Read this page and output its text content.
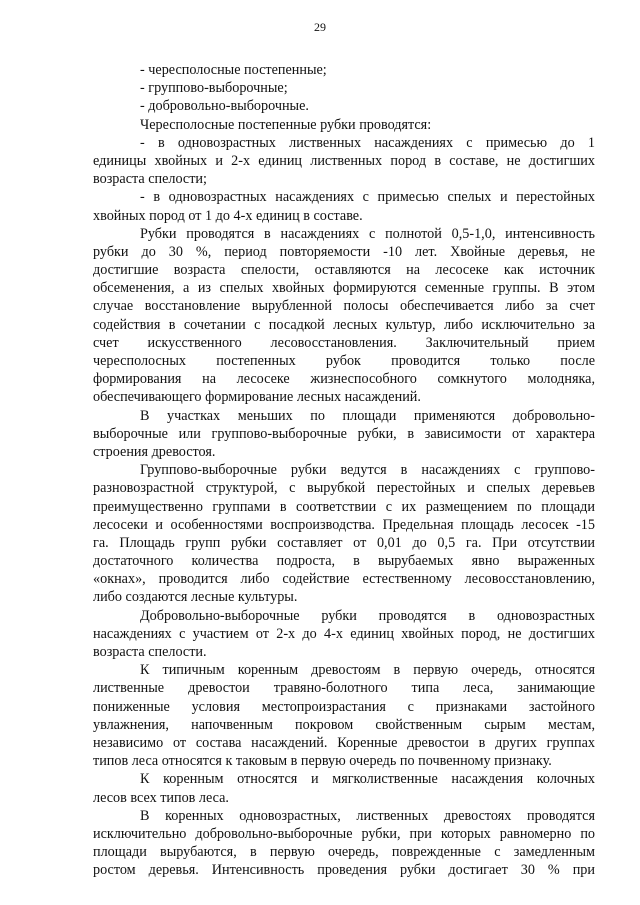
29
- чересполосные постепенные;
- группово-выборочные;
- добровольно-выборочные.
Чересполосные постепенные рубки проводятся:
- в одновозрастных лиственных насаждениях с примесью до 1
единицы хвойных и 2-х единиц лиственных пород в составе, не достигших
возраста спелости;
- в одновозрастных насаждениях с примесью спелых и перестойных
хвойных пород от 1 до 4-х единиц в составе.
Рубки проводятся в насаждениях с полнотой 0,5-1,0, интенсивность
рубки до 30 %, период повторяемости -10 лет. Хвойные деревья, не
достигшие возраста спелости, оставляются на лесосеке как источник
обсеменения, а из спелых хвойных формируются семенные группы. В этом
случае восстановление вырубленной полосы обеспечивается либо за счет
содействия в сочетании с посадкой лесных культур, либо исключительно за
счет искусственного лесовосстановления. Заключительный прием
чересполосных постепенных рубок проводится только после
формирования на лесосеке жизнеспособного сомкнутого молодняка,
обеспечивающего формирование лесных насаждений.
В участках меньших по площади применяются добровольно-
выборочные или группово-выборочные рубки, в зависимости от характера
строения древостоя.
Группово-выборочные рубки ведутся в насаждениях с группово-
разновозрастной структурой, с вырубкой перестойных и спелых деревьев
преимущественно группами в соответствии с их размещением по площади
лесосеки и особенностями воспроизводства. Предельная площадь лесосек -15
га. Площадь групп рубки составляет от 0,01 до 0,5 га. При отсутствии
достаточного количества подроста, в вырубаемых явно выраженных
«окнах», проводится либо содействие естественному лесовосстановлению,
либо создаются лесные культуры.
Добровольно-выборочные рубки проводятся в одновозрастных
насаждениях с участием от 2-х до 4-х единиц хвойных пород, не достигших
возраста спелости.
К типичным коренным древостоям в первую очередь, относятся
лиственные древостои травяно-болотного типа леса, занимающие
пониженные условия местопроизрастания с признаками застойного
увлажнения, напочвенным покровом свойственным сырым местам,
независимо от состава насаждений. Коренные древостои в других группах
типов леса относятся к таковым в первую очередь по почвенному признаку.
К коренным относятся и мягколиственные насаждения колочных
лесов всех типов леса.
В коренных одновозрастных, лиственных древостоях проводятся
исключительно добровольно-выборочные рубки, при которых равномерно по
площади вырубаются, в первую очередь, поврежденные с замедленным
ростом деревья. Интенсивность проведения рубки достигает 30 % при
